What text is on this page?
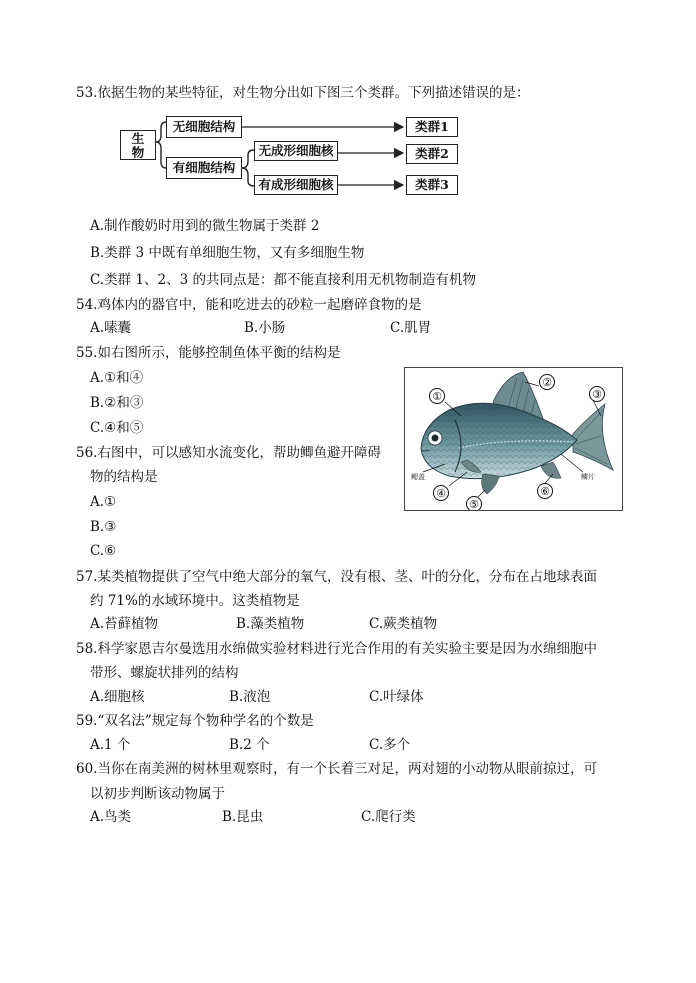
53.依据生物的某些特征，对生物分出如下图三个类群。下列描述错误的是：
生物
无细胞结构
有细胞结构
无成形细胞核
有成形细胞核
类群1
类群2
类群3
A.制作酸奶时用到的微生物属于类群 2
B.类群 3 中既有单细胞生物，又有多细胞生物
C.类群 1、2、3 的共同点是：都不能直接利用无机物制造有机物
54.鸡体内的器官中，能和吃进去的砂粒一起磨碎食物的是
A.嗉囊	B.小肠	C.肌胃
55.如右图所示，能够控制鱼体平衡的结构是
A.①和④
B.②和③
C.④和⑤
①
②
③
④
⑤
⑥
鳃盖	鳞片
56.右图中，可以感知水流变化，帮助鲫鱼避开障碍
物的结构是
A.①
B.③
C.⑥
57.某类植物提供了空气中绝大部分的氧气，没有根、茎、叶的分化，分布在占地球表面
约 71%的水域环境中。这类植物是
A.苔藓植物	B.藻类植物	C.蕨类植物
58.科学家恩吉尔曼选用水绵做实验材料进行光合作用的有关实验主要是因为水绵细胞中
带形、螺旋状排列的结构
A.细胞核	B.液泡	C.叶绿体
59.“双名法”规定每个物种学名的个数是
A.1 个	B.2 个	C.多个
60.当你在南美洲的树林里观察时，有一个长着三对足，两对翅的小动物从眼前掠过，可
以初步判断该动物属于
A.鸟类	B.昆虫	C.爬行类
